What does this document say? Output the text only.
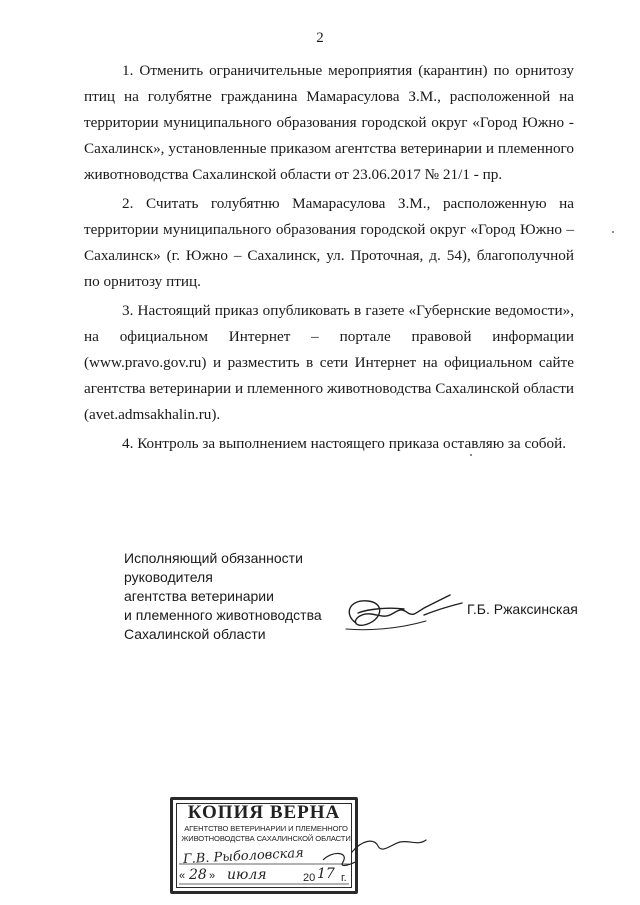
2

1. Отменить ограничительные мероприятия (карантин) по орнитозу птиц на голубятне гражданина Мамарасулова З.М., расположенной на территории муниципального образования городской округ «Город Южно - Сахалинск», установленные приказом агентства ветеринарии и племенного животноводства Сахалинской области от 23.06.2017 № 21/1 - пр.

2. Считать голубятню Мамарасулова З.М., расположенную на территории муниципального образования городской округ «Город Южно – Сахалинск» (г. Южно – Сахалинск, ул. Проточная, д. 54), благополучной по орнитозу птиц.

3. Настоящий приказ опубликовать в газете «Губернские ведомости», на официальном Интернет – портале правовой информации (www.pravo.gov.ru) и разместить в сети Интернет на официальном сайте агентства ветеринарии и племенного животноводства Сахалинской области (avet.admsakhalin.ru).

4. Контроль за выполнением настоящего приказа оставляю за собой.

Исполняющий обязанности руководителя
агентства ветеринарии
и племенного животноводства
Сахалинской области
Г.Б. Ржаксинская
КОПИЯ ВЕРНА
АГЕНТСТВО ВЕТЕРИНАРИИ И ПЛЕМЕННОГО
ЖИВОТНОВОДСТВА САХАЛИНСКОЙ ОБЛАСТИ
Г.В. Рыболовская
« 28 » июля	20 17 г.
